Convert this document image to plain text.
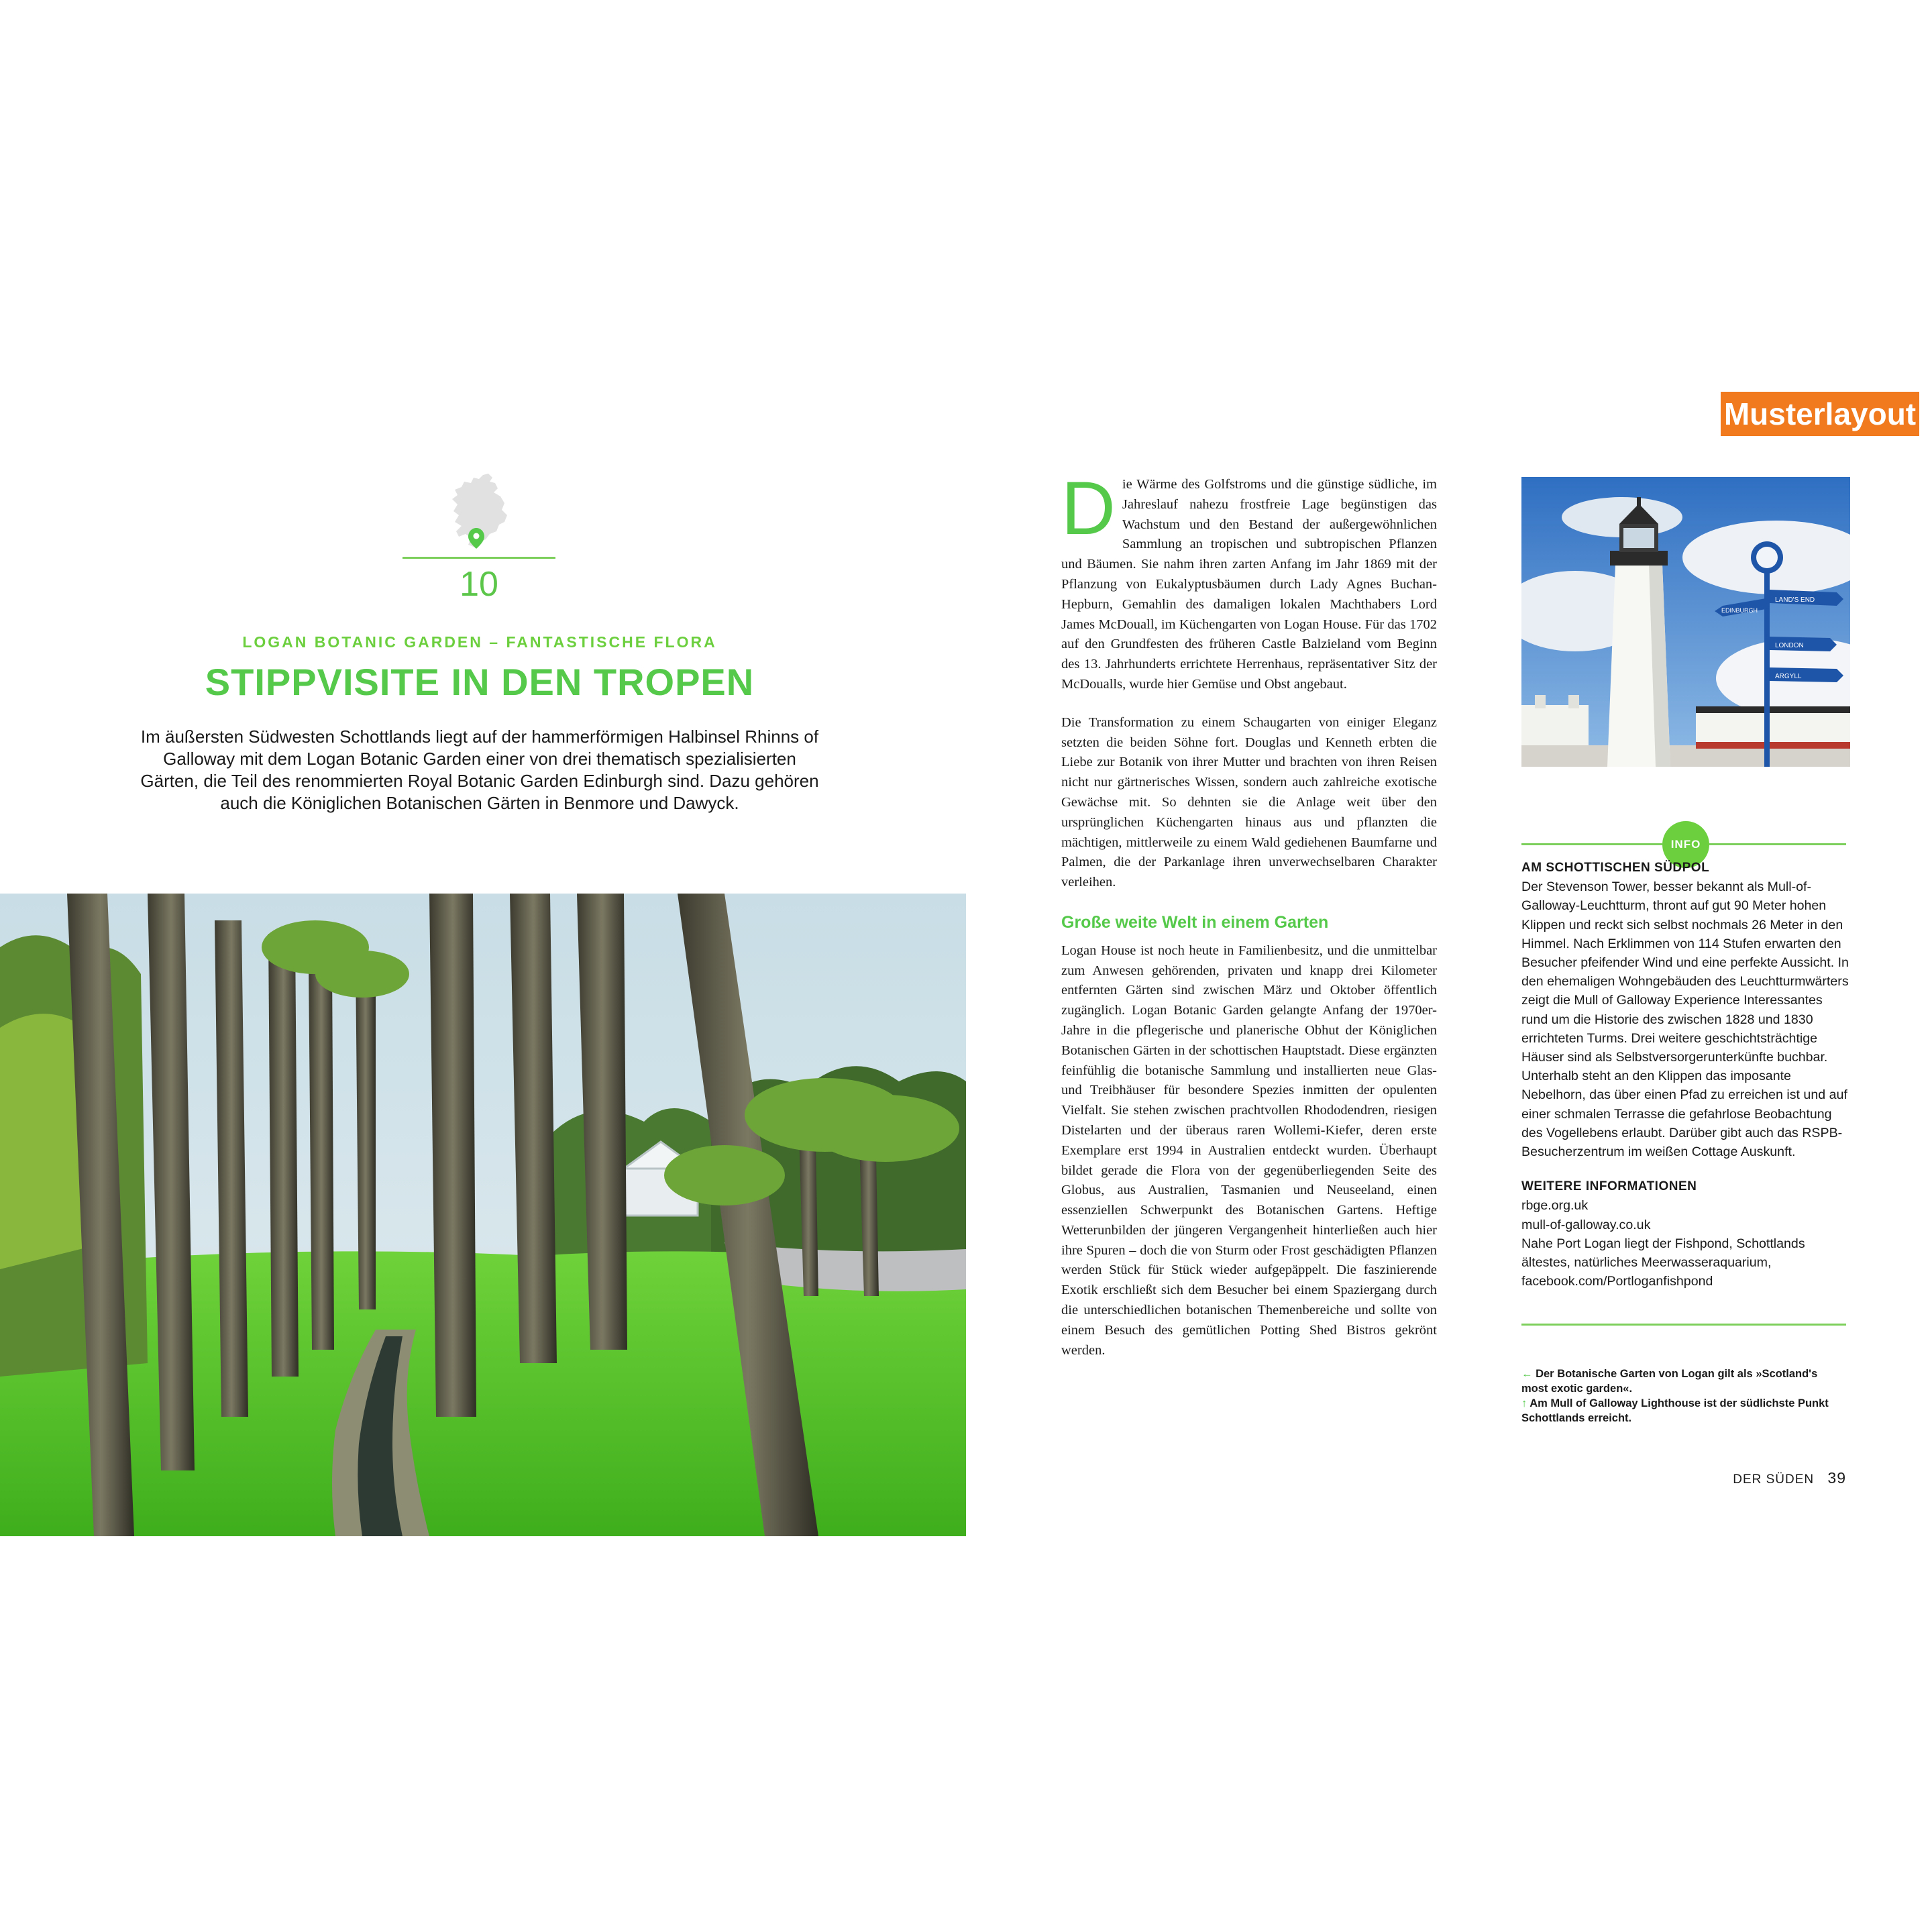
Musterlayout
10
LOGAN BOTANIC GARDEN – FANTASTISCHE FLORA
STIPPVISITE IN DEN TROPEN
Im äußersten Südwesten Schottlands liegt auf der hammerförmigen Halbinsel Rhinns of Galloway mit dem Logan Botanic Garden einer von drei thematisch spezialisierten Gärten, die Teil des renommierten Royal Botanic Garden Edinburgh sind. Dazu gehören auch die Königlichen Botanischen Gärten in Benmore und Dawyck.

Die Wärme des Golfstroms und die günstige südliche, im Jahreslauf nahezu frostfreie Lage begünstigen das Wachstum und den Bestand der außergewöhnlichen Sammlung an tropischen und subtropischen Pflanzen und Bäumen. Sie nahm ihren zarten Anfang im Jahr 1869 mit der Pflanzung von Eukalyptusbäumen durch Lady Agnes Buchan-Hepburn, Gemahlin des damaligen lokalen Machthabers Lord James McDouall, im Küchengarten von Logan House. Für das 1702 auf den Grundfesten des früheren Castle Balzieland vom Beginn des 13. Jahrhunderts errichtete Herrenhaus, repräsentativer Sitz der McDoualls, wurde hier Gemüse und Obst angebaut.

Die Transformation zu einem Schaugarten von einiger Eleganz setzten die beiden Söhne fort. Douglas und Kenneth erbten die Liebe zur Botanik von ihrer Mutter und brachten von ihren Reisen nicht nur gärtnerisches Wissen, sondern auch zahlreiche exotische Gewächse mit. So dehnten sie die Anlage weit über den ursprünglichen Küchengarten hinaus aus und pflanzten die mächtigen, mittlerweile zu einem Wald gediehenen Baumfarne und Palmen, die der Parkanlage ihren unverwechselbaren Charakter verleihen.

Große weite Welt in einem Garten

Logan House ist noch heute in Familienbesitz, und die unmittelbar zum Anwesen gehörenden, privaten und knapp drei Kilometer entfernten Gärten sind zwischen März und Oktober öffentlich zugänglich. Logan Botanic Garden gelangte Anfang der 1970er-Jahre in die pflegerische und planerische Obhut der Königlichen Botanischen Gärten in der schottischen Hauptstadt. Diese ergänzten feinfühlig die botanische Sammlung und installierten neue Glas- und Treibhäuser für besondere Spezies inmitten der opulenten Vielfalt. Sie stehen zwischen prachtvollen Rhododendren, riesigen Distelarten und der überaus raren Wollemi-Kiefer, deren erste Exemplare erst 1994 in Australien entdeckt wurden. Überhaupt bildet gerade die Flora von der gegenüberliegenden Seite des Globus, aus Australien, Tasmanien und Neuseeland, einen essenziellen Schwerpunkt des Botanischen Gartens. Heftige Wetterunbilden der jüngeren Vergangenheit hinterließen auch hier ihre Spuren – doch die von Sturm oder Frost geschädigten Pflanzen werden Stück für Stück wieder aufgepäppelt. Die faszinierende Exotik erschließt sich dem Besucher bei einem Spaziergang durch die unterschiedlichen botanischen Themenbereiche und sollte von einem Besuch des gemütlichen Potting Shed Bistros gekrönt werden.

LAND'S END
EDINBURGH
LONDON
ARGYLL
INFO
AM SCHOTTISCHEN SÜDPOL

Der Stevenson Tower, besser bekannt als Mull-of-Galloway-Leuchtturm, thront auf gut 90 Meter hohen Klippen und reckt sich selbst nochmals 26 Meter in den Himmel. Nach Erklimmen von 114 Stufen erwarten den Besucher pfeifender Wind und eine perfekte Aussicht. In den ehemaligen Wohngebäuden des Leuchtturmwärters zeigt die Mull of Galloway Experience Interessantes rund um die Historie des zwischen 1828 und 1830 errichteten Turms. Drei weitere geschichtsträchtige Häuser sind als Selbstversorgerunterkünfte buchbar. Unterhalb steht an den Klippen das imposante Nebelhorn, das über einen Pfad zu erreichen ist und auf einer schmalen Terrasse die gefahrlose Beobachtung des Vogellebens erlaubt. Darüber gibt auch das RSPB-Besucherzentrum im weißen Cottage Auskunft.

WEITERE INFORMATIONEN

rbge.org.uk

mull-of-galloway.co.uk

Nahe Port Logan liegt der Fishpond, Schottlands ältestes, natürliches Meerwasseraquarium,

facebook.com/Portloganfishpond

← Der Botanische Garten von Logan gilt als »Scotland's most exotic garden«.
↑ Am Mull of Galloway Lighthouse ist der südlichste Punkt Schottlands erreicht.
DER SÜDEN 39
